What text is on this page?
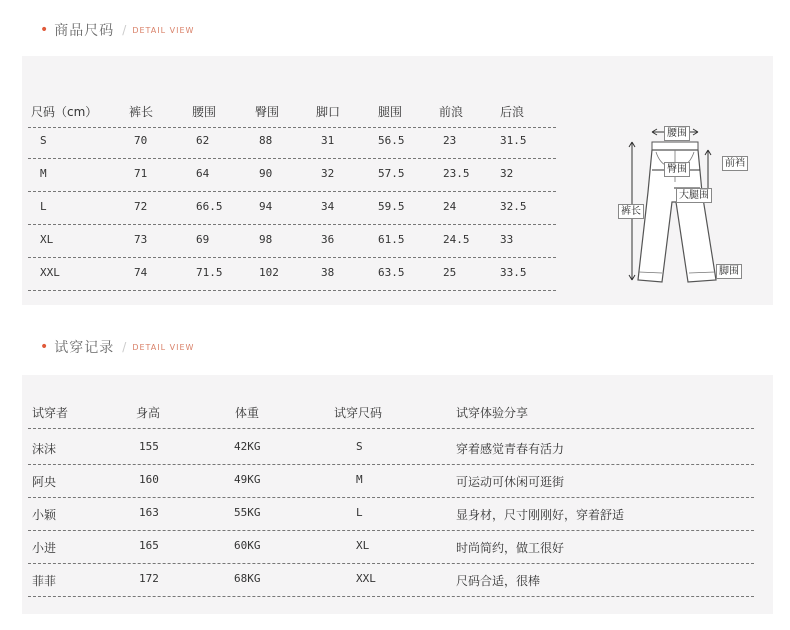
• 商品尺码 / DETAIL VIEW
尺码（cm）	裤长	腰围	臀围	脚口	腿围	前浪	后浪
S	70	62	88	31	56.5	23	31.5
M	71	64	90	32	57.5	23.5	32
L	72	66.5	94	34	59.5	24	32.5
XL	73	69	98	36	61.5	24.5	33
XXL	74	71.5	102	38	63.5	25	33.5
腰围
臀围
前裆
大腿围
裤长
脚围
• 试穿记录 / DETAIL VIEW
试穿者	身高	体重	试穿尺码	试穿体验分享
沫沫	155	42KG	S	穿着感觉青春有活力
阿央	160	49KG	M	可运动可休闲可逛街
小颖	163	55KG	L	显身材，尺寸刚刚好，穿着舒适
小进	165	60KG	XL	时尚简约，做工很好
菲菲	172	68KG	XXL	尺码合适，很棒
